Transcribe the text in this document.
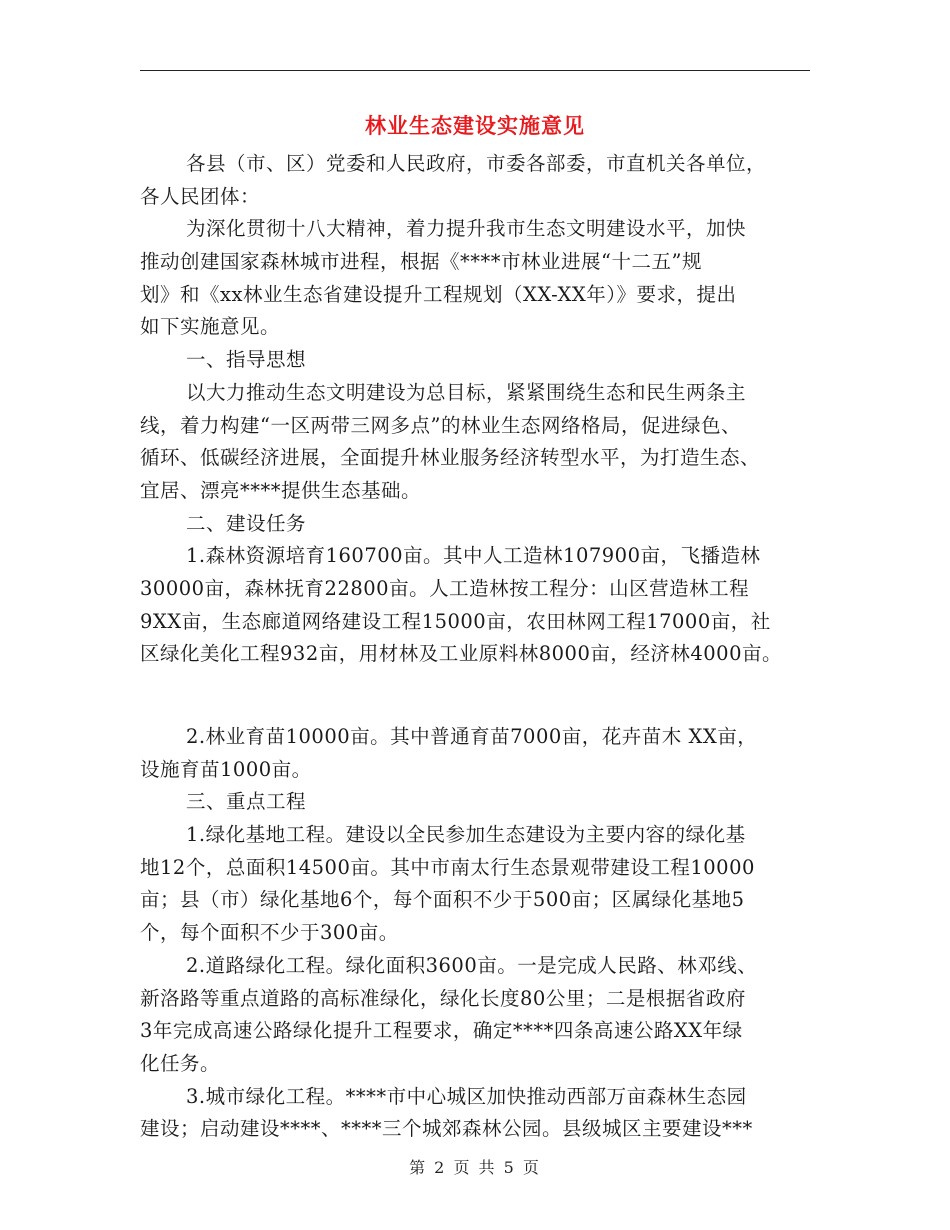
林业生态建设实施意见
各县（市、区）党委和人民政府，市委各部委，市直机关各单位，
各人民团体：
为深化贯彻十八大精神，着力提升我市生态文明建设水平，加快
推动创建国家森林城市进程，根据《****市林业进展“十二五”规
划》和《xx林业生态省建设提升工程规划（XX-XX年）》要求，提出
如下实施意见。
一、指导思想
以大力推动生态文明建设为总目标，紧紧围绕生态和民生两条主
线，着力构建“一区两带三网多点”的林业生态网络格局，促进绿色、
循环、低碳经济进展，全面提升林业服务经济转型水平，为打造生态、
宜居、漂亮****提供生态基础。
二、建设任务
1.森林资源培育160700亩。其中人工造林107900亩，飞播造林
30000亩，森林抚育22800亩。人工造林按工程分：山区营造林工程
9XX亩，生态廊道网络建设工程15000亩，农田林网工程17000亩，社
区绿化美化工程932亩，用材林及工业原料林8000亩，经济林4000亩。
2.林业育苗10000亩。其中普通育苗7000亩，花卉苗木 XX亩，
设施育苗1000亩。
三、重点工程
1.绿化基地工程。建设以全民参加生态建设为主要内容的绿化基
地12个，总面积14500亩。其中市南太行生态景观带建设工程10000
亩；县（市）绿化基地6个，每个面积不少于500亩；区属绿化基地5
个，每个面积不少于300亩。
2.道路绿化工程。绿化面积3600亩。一是完成人民路、林邓线、
新洛路等重点道路的高标准绿化，绿化长度80公里；二是根据省政府
3年完成高速公路绿化提升工程要求，确定****四条高速公路XX年绿
化任务。
3.城市绿化工程。****市中心城区加快推动西部万亩森林生态园
建设；启动建设****、****三个城郊森林公园。县级城区主要建设***
第 2 页 共 5 页
